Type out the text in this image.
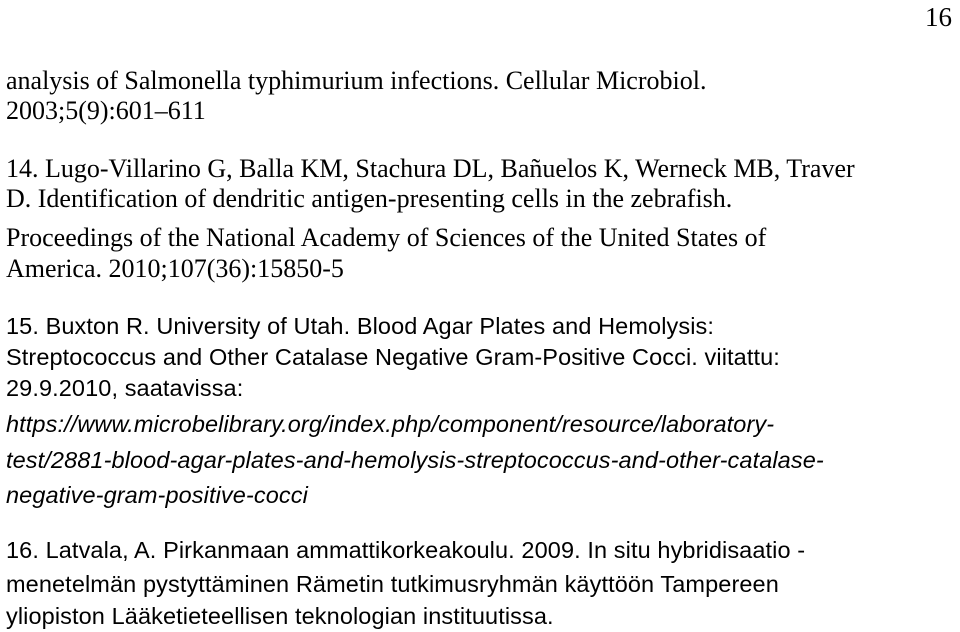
16
analysis of Salmonella typhimurium infections. Cellular Microbiol.
2003;5(9):601–611
14. Lugo-Villarino G, Balla KM, Stachura DL, Bañuelos K, Werneck MB, Traver
D. Identification of dendritic antigen-presenting cells in the zebrafish.
Proceedings of the National Academy of Sciences of the United States of
America. 2010;107(36):15850-5
15. Buxton R. University of Utah. Blood Agar Plates and Hemolysis:
Streptococcus and Other Catalase Negative Gram-Positive Cocci. viitattu:
29.9.2010, saatavissa:
https://www.microbelibrary.org/index.php/component/resource/laboratory-
test/2881-blood-agar-plates-and-hemolysis-streptococcus-and-other-catalase-
negative-gram-positive-cocci
16. Latvala, A. Pirkanmaan ammattikorkeakoulu. 2009. In situ hybridisaatio -
menetelmän pystyttäminen Rämetin tutkimusryhmän käyttöön Tampereen
yliopiston Lääketieteellisen teknologian instituutissa.
